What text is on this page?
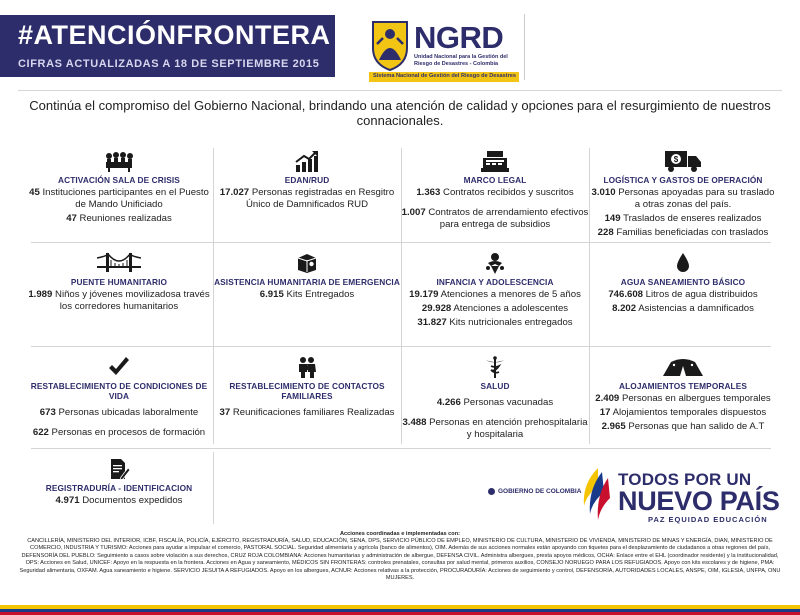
#ATENCIÓNFRONTERA
CIFRAS ACTUALIZADAS A 18 DE SEPTIEMBRE 2015
NGRD
Unidad Nacional para la Gestión del
Riesgo de Desastres - Colombia
Sistema Nacional de Gestión del Riesgo de Desastres
Continúa el compromiso del Gobierno Nacional, brindando una atención de calidad y opciones para el resurgimiento de nuestros connacionales.
ACTIVACIÓN SALA DE CRISIS
45 Instituciones participantes en el Puesto de Mando Unificiado
47 Reuniones realizadas
EDAN/RUD
17.027 Personas registradas en Resgitro Único de Damnificados RUD
MARCO LEGAL
1.363 Contratos recibidos y suscritos
1.007 Contratos de arrendamiento efectivos para entrega de subsidios
$
LOGÍSTICA Y GASTOS DE OPERACIÓN
3.010 Personas apoyadas para su traslado a otras zonas del país.
149 Traslados de enseres realizados
228 Familias beneficiadas con traslados
PUENTE HUMANITARIO
1.989 Niños y jóvenes movilizadosa través los corredores humanitarios
ASISTENCIA HUMANITARIA DE EMERGENCIA
6.915 Kits Entregados
INFANCIA Y ADOLESCENCIA
19.179 Atenciones a menores de 5 años
29.928 Atenciones a adolescentes
31.827 Kits nutricionales entregados
AGUA SANEAMIENTO BÁSICO
746.608 Litros de agua distribuidos
8.202 Asistencias a damnificados
RESTABLECIMIENTO DE CONDICIONES DE VIDA
673 Personas ubicadas laboralmente
622 Personas en procesos de formación
RESTABLECIMIENTO DE CONTACTOS FAMILIARES
37 Reunificaciones familiares Realizadas
SALUD
4.266 Personas vacunadas
3.488 Personas en atención prehospitalaria y hospitalaria
ALOJAMIENTOS TEMPORALES
2.409 Personas en albergues temporales
17 Alojamientos temporales dispuestos
2.965 Personas que han salido de A.T
REGISTRADURÍA - IDENTIFICACION
4.971 Documentos expedidos
GOBIERNO DE COLOMBIA
TODOS POR UN
NUEVO PAÍS
PAZ EQUIDAD EDUCACIÓN
Acciones coordinadas e implementadas con:
CANCILLERÍA, MINISTERIO DEL INTERIOR, ICBF, FISCALÍA, POLICÍA, EJÉRCITO, REGISTRADURÍA, SALUD, EDUCACIÓN, SENA, DPS, SERVICIO PÚBLICO DE EMPLEO, MINISTERIO DE CULTURA, MINISTERIO DE VIVIENDA, MINISTERIO DE MINAS Y ENERGÍA, DIAN, MINISTERIO DE COMERCIO, INDUSTRIA Y TURISMO: Acciones para ayudar a impulsar el comercio, PASTORAL SOCIAL. Seguridad alimentaria y agrícola (banco de alimentos), OIM. Además de sus acciones normales están apoyando con tiquetes para el desplazamiento de ciudadanos a otras regiones del país, DEFENSORÍA DEL PUEBLO: Seguimiento a casos sobre violación a sus derechos, CRUZ ROJA COLOMBIANA: Acciones humanitarias y administración de albergue, DEFENSA CIVIL. Administra albergues, presta apoyos médicos, OCHA: Enlace entre el EHL (coordinador residente) y la institucionalidad, OPS: Acciones en Salud, UNICEF: Apoyo en la respuesta en la frontera. Acciones en Agua y saneamiento, MÉDICOS SIN FRONTERAS: controles prenatales, consultas por salud mental, primeros auxilios, CONSEJO NORUEGO PARA LOS REFUGIADOS. Apoyo con kits escolares y de higiene, PMA: Seguridad alimentaria, OXFAM. Agua saneamiento e higiene. SERVICIO JESUITA A REFUGIADOS. Apoyo en los albergues, ACNUR: Acciones relativas a la protección, PROCURADURÍA: Acciones de seguimiento y control, DEFENSORÍA, AUTORIDADES LOCALES, ANSPE, OIM, IGLESIA, UNFPA, ONU MUJERES.
